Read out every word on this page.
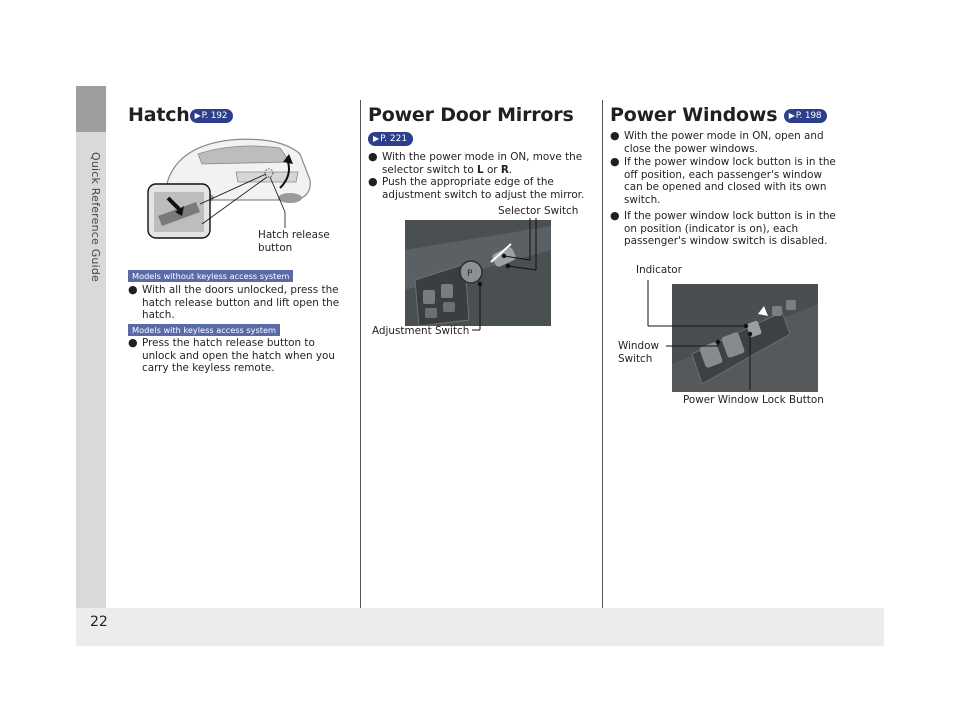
Quick Reference Guide
22
Hatch ▶P. 192
Hatch release
button
Models without keyless access system
● With all the doors unlocked, press the hatch release button and lift open the hatch.
Models with keyless access system
● Press the hatch release button to unlock and open the hatch when you carry the keyless remote.
Power Door Mirrors
▶P. 221
● With the power mode in ON, move the selector switch to L or R.
● Push the appropriate edge of the adjustment switch to adjust the mirror.
Selector Switch
P
Adjustment Switch
Power Windows ▶P. 198
● With the power mode in ON, open and close the power windows.
● If the power window lock button is in the off position, each passenger's window can be opened and closed with its own switch.
● If the power window lock button is in the on position (indicator is on), each passenger's window switch is disabled.
Indicator
Window
Switch
Power Window Lock Button
